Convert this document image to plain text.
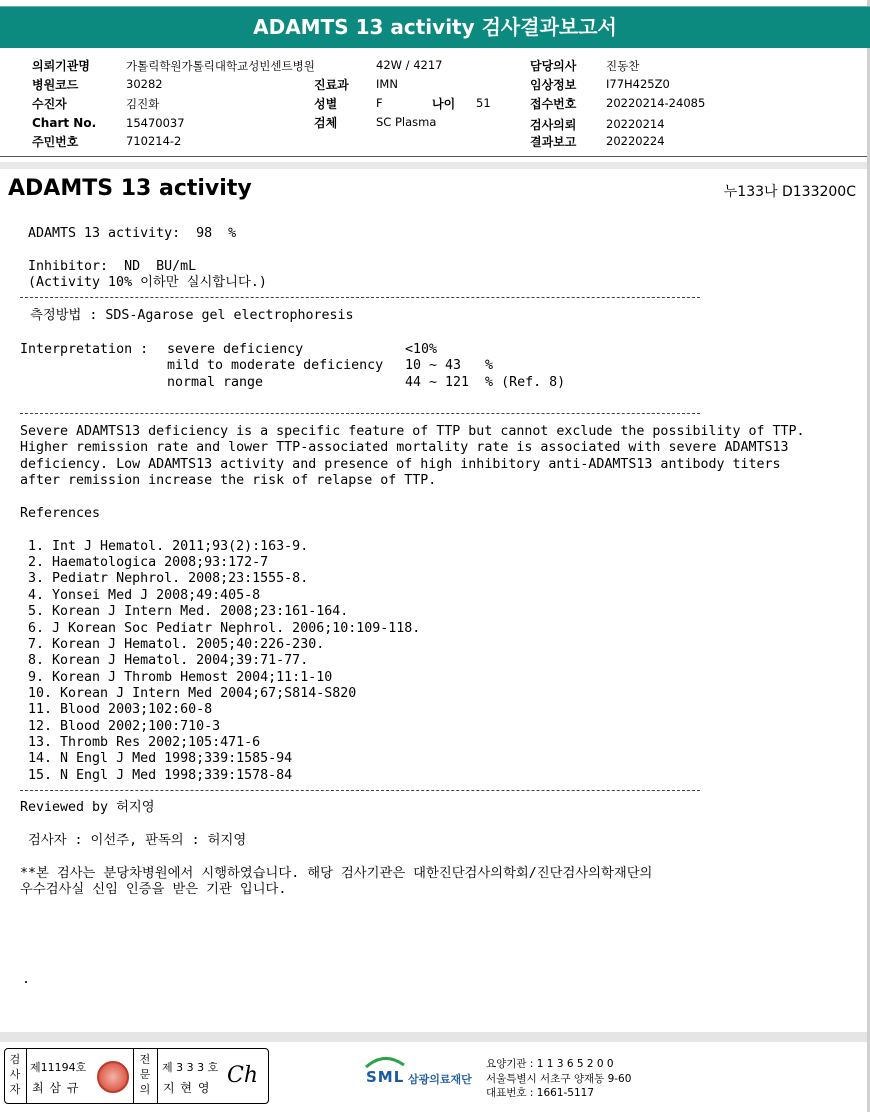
ADAMTS 13 activity 검사결과보고서
의뢰기관명	가톨릭학원가톨릭대학교성빈센트병원	42W / 4217	담당의사	진동찬
병원코드	30282	진료과 IMN	임상정보	I77H425Z0
수진자	김진화	성별	F	나이 51	접수번호	20220214-24085
Chart No.	15470037	검체	SC Plasma	검사의뢰	20220214
주민번호	710214-2	결과보고	20220224
ADAMTS 13 activity	누133나 D133200C
ADAMTS 13 activity:  98  %
Inhibitor:  ND  BU/mL
(Activity 10% 이하만 실시합니다.)
측정방법 : SDS-Agarose gel electrophoresis
Interpretation : severe deficiency	<10%
mild to moderate deficiency 10 ~ 43   %
normal range	44 ~ 121  % (Ref. 8)
Severe ADAMTS13 deficiency is a specific feature of TTP but cannot exclude the possibility of TTP.
Higher remission rate and lower TTP-associated mortality rate is associated with severe ADAMTS13
deficiency. Low ADAMTS13 activity and presence of high inhibitory anti-ADAMTS13 antibody titers
after remission increase the risk of relapse of TTP.
References
1. Int J Hematol. 2011;93(2):163-9.
2. Haematologica 2008;93:172-7
3. Pediatr Nephrol. 2008;23:1555-8.
4. Yonsei Med J 2008;49:405-8
5. Korean J Intern Med. 2008;23:161-164.
6. J Korean Soc Pediatr Nephrol. 2006;10:109-118.
7. Korean J Hematol. 2005;40:226-230.
8. Korean J Hematol. 2004;39:71-77.
9. Korean J Thromb Hemost 2004;11:1-10
10. Korean J Intern Med 2004;67;S814-S820
11. Blood 2003;102:60-8
12. Blood 2002;100:710-3
13. Thromb Res 2002;105:471-6
14. N Engl J Med 1998;339:1585-94
15. N Engl J Med 1998;339:1578-84
Reviewed by 허지영
검사자 : 이선주, 판독의 : 허지영
**본 검사는 분당차병원에서 시행하였습니다. 해당 검사기관은 대한진단검사의학회/진단검사의학재단의
우수검사실 신임 인증을 받은 기관 입니다.
.
검사자
제11194호
최 삼 규
전문의
제 3 3 3 호
지 현 영 Ch	SML 삼광의료재단
요양기관 : 1 1 3 6 5 2 0 0
서울특별시 서초구 양재동 9-60
대표번호 : 1661-5117
